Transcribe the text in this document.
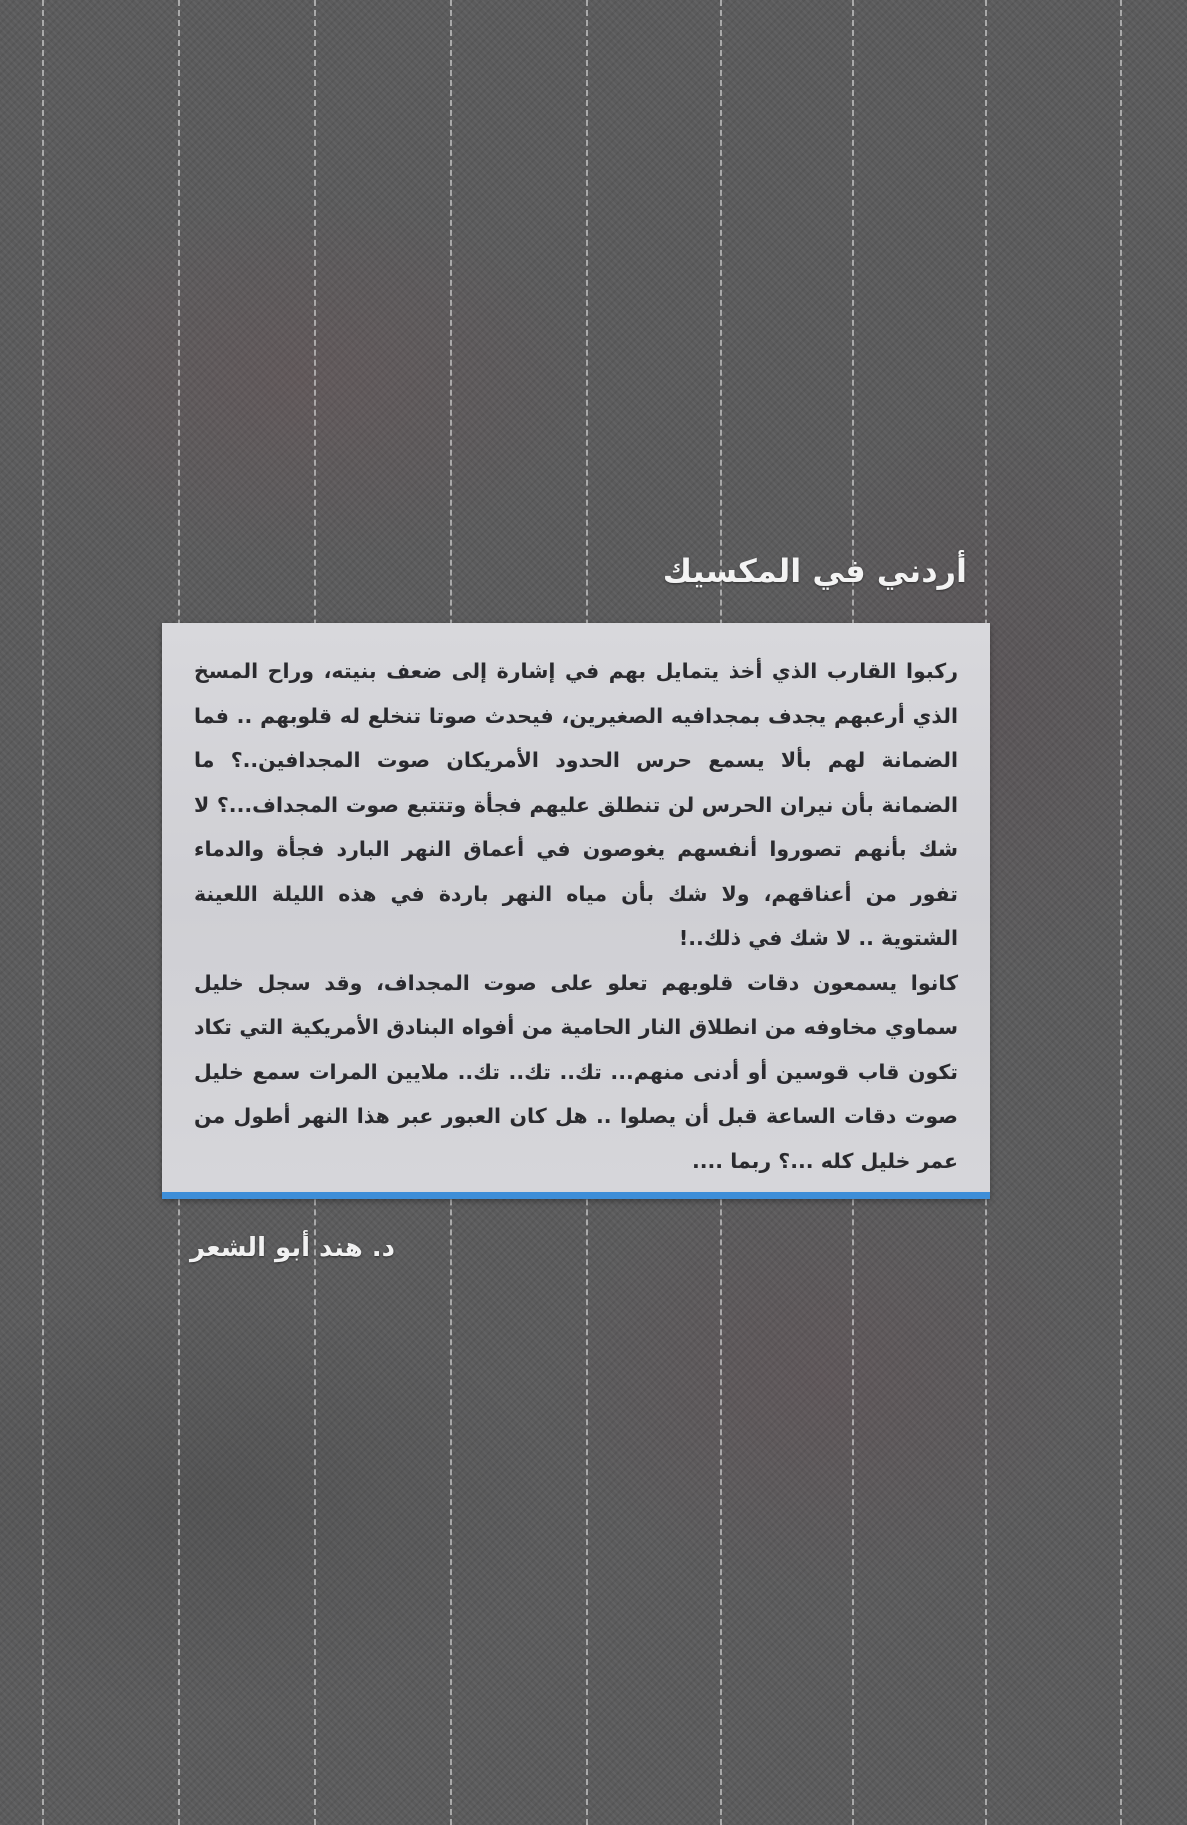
أردني في المكسيك

ركبوا القارب الذي أخذ يتمايل بهم في إشارة إلى ضعف بنيته، وراح المسخ الذي أرعبهم يجدف بمجدافيه الصغيرين، فيحدث صوتا تنخلع له قلوبهم .. فما الضمانة لهم بألا يسمع حرس الحدود الأمريكان صوت المجدافين..؟ ما الضمانة بأن نيران الحرس لن تنطلق عليهم فجأة وتتتبع صوت المجداف...؟ لا شك بأنهم تصوروا أنفسهم يغوصون في أعماق النهر البارد فجأة والدماء تفور من أعناقهم، ولا شك بأن مياه النهر باردة في هذه الليلة اللعينة الشتوية .. لا شك في ذلك..!
كانوا يسمعون دقات قلوبهم تعلو على صوت المجداف، وقد سجل خليل سماوي مخاوفه من انطلاق النار الحامية من أفواه البنادق الأمريكية التي تكاد تكون قاب قوسين أو أدنى منهم... تك.. تك.. تك.. ملايين المرات سمع خليل صوت دقات الساعة قبل أن يصلوا .. هل كان العبور عبر هذا النهر أطول من عمر خليل كله ...؟ ربما ....

د. هند أبو الشعر
